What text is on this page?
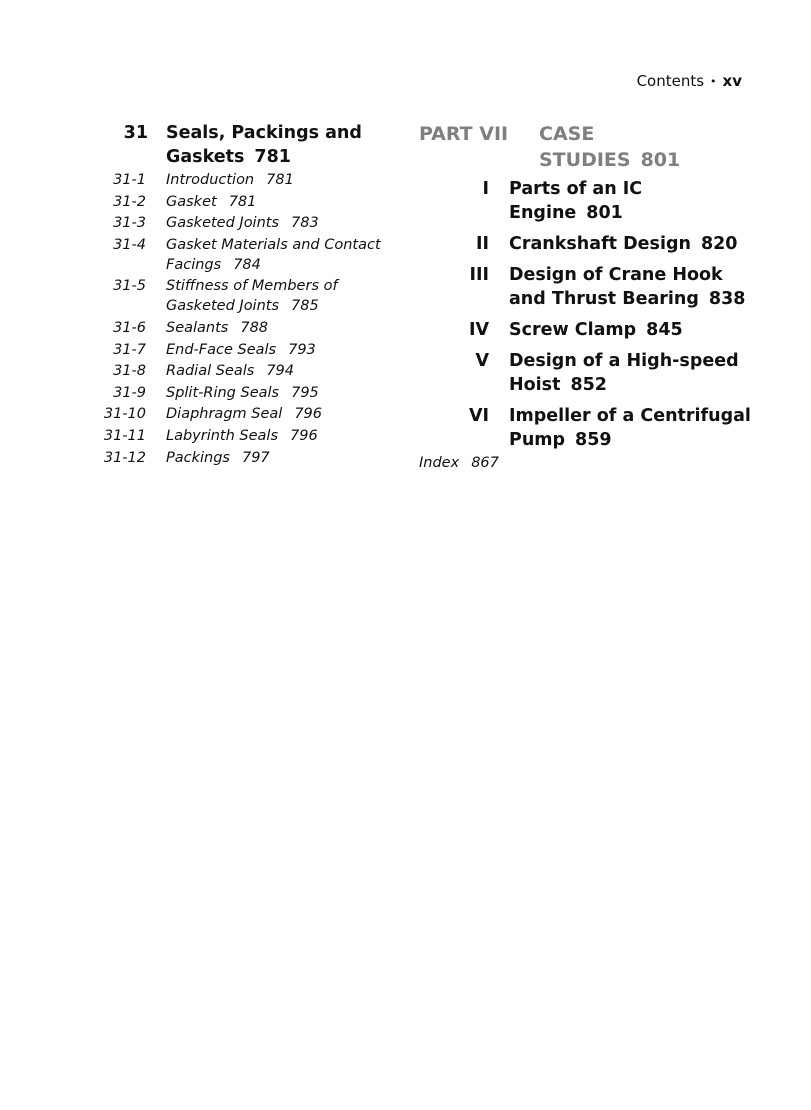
Contents • xv
31 Seals, Packings and Gaskets 781
31-1 Introduction 781
31-2 Gasket 781
31-3 Gasketed Joints 783
31-4 Gasket Materials and Contact Facings 784
31-5 Stiffness of Members of Gasketed Joints 785
31-6 Sealants 788
31-7 End-Face Seals 793
31-8 Radial Seals 794
31-9 Split-Ring Seals 795
31-10 Diaphragm Seal 796
31-11 Labyrinth Seals 796
31-12 Packings 797
PART VII	CASE STUDIES 801
I Parts of an IC Engine 801
II Crankshaft Design 820
III Design of Crane Hook and Thrust Bearing 838
IV Screw Clamp 845
V Design of a High-speed Hoist 852
VI Impeller of a Centrifugal Pump 859
Index 867
